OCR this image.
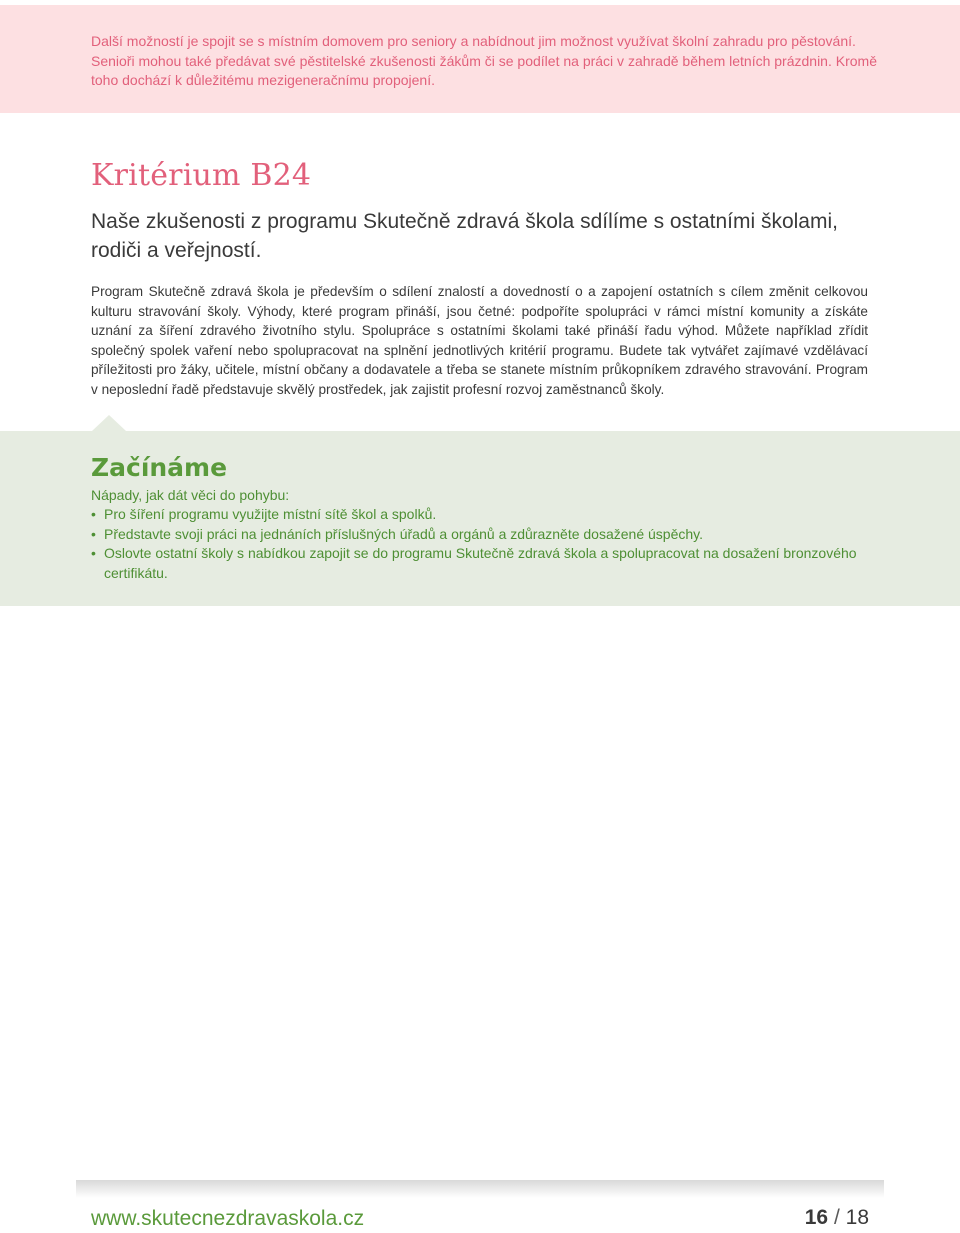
Další možností je spojit se s místním domovem pro seniory a nabídnout jim možnost využívat školní zahradu pro pěstování. Senioři mohou také předávat své pěstitelské zkušenosti žákům či se podílet na práci v zahradě během letních prázdnin. Kromě toho dochází k důležitému mezigeneračnímu propojení.

Kritérium B24
Naše zkušenosti z programu Skutečně zdravá škola sdílíme s ostatními školami, rodiči a veřejností.

Program Skutečně zdravá škola je především o sdílení znalostí a dovedností o a zapojení ostatních s cílem změnit celkovou kulturu stravování školy. Výhody, které program přináší, jsou četné: podpoříte spolupráci v rámci místní komunity a získáte uznání za šíření zdravého životního stylu. Spolupráce s ostatními školami také přináší řadu výhod. Můžete například zřídit společný spolek vaření nebo spolupracovat na splnění jednotlivých kritérií programu. Budete tak vytvářet zajímavé vzdělávací příležitosti pro žáky, učitele, místní občany a dodavatele a třeba se stanete místním průkopníkem zdravého stravování. Program v neposlední řadě představuje skvělý prostředek, jak zajistit profesní rozvoj zaměstnanců školy.

Začínáme

Nápady, jak dát věci do pohybu:

• Pro šíření programu využijte místní sítě škol a spolků.
• Představte svoji práci na jednáních příslušných úřadů a orgánů a zdůrazněte dosažené úspěchy.
• Oslovte ostatní školy s nabídkou zapojit se do programu Skutečně zdravá škola a spolupracovat na dosažení bronzového certifikátu.

www.skutecnezdravaskola.cz	16 / 18
